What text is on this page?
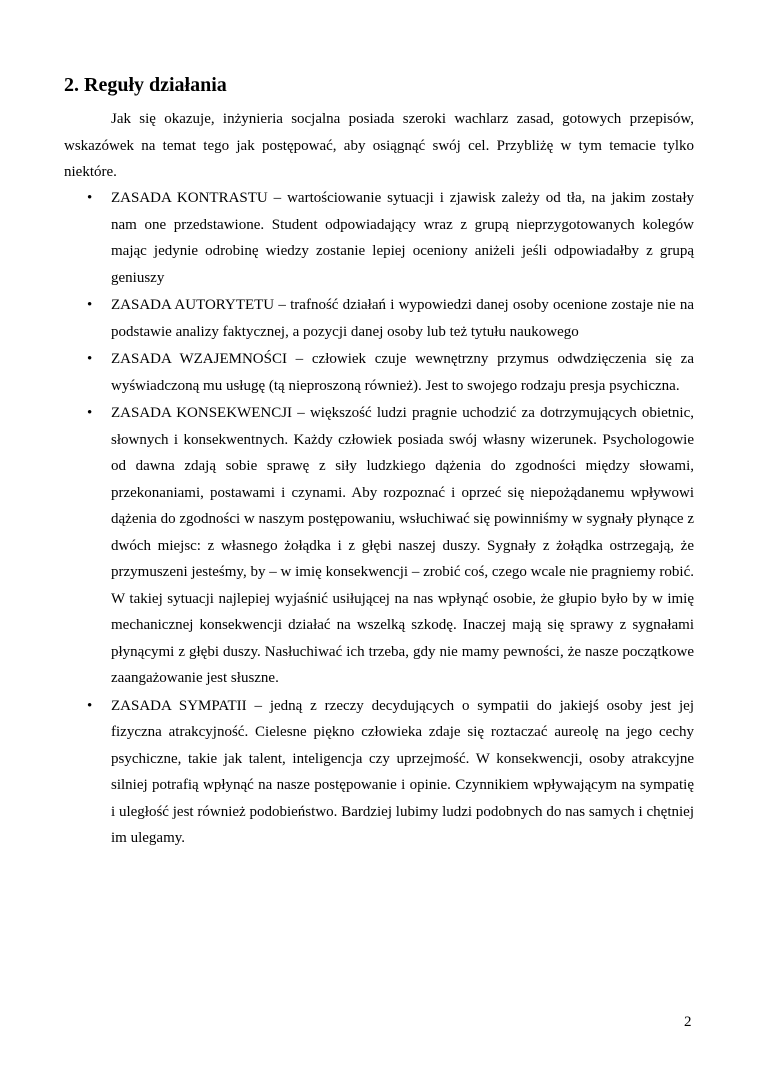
2. Reguły działania

Jak się okazuje, inżynieria socjalna posiada szeroki wachlarz zasad, gotowych przepisów, wskazówek na temat tego jak postępować, aby osiągnąć swój cel. Przybliżę w tym temacie tylko niektóre.

• ZASADA KONTRASTU – wartościowanie sytuacji i zjawisk zależy od tła, na jakim zostały nam one przedstawione. Student odpowiadający wraz z grupą nieprzygotowanych kolegów mając jedynie odrobinę wiedzy zostanie lepiej oceniony aniżeli jeśli odpowiadałby z grupą geniuszy
• ZASADA AUTORYTETU – trafność działań i wypowiedzi danej osoby ocenione zostaje nie na podstawie analizy faktycznej, a pozycji danej osoby lub też tytułu naukowego
• ZASADA WZAJEMNOŚCI – człowiek czuje wewnętrzny przymus odwdzięczenia się za wyświadczoną mu usługę (tą nieproszoną również). Jest to swojego rodzaju presja psychiczna.
• ZASADA KONSEKWENCJI – większość ludzi pragnie uchodzić za dotrzymujących obietnic, słownych i konsekwentnych. Każdy człowiek posiada swój własny wizerunek. Psychologowie od dawna zdają sobie sprawę z siły ludzkiego dążenia do zgodności między słowami, przekonaniami, postawami i czynami. Aby rozpoznać i oprzeć się niepożądanemu wpływowi dążenia do zgodności w naszym postępowaniu, wsłuchiwać się powinniśmy w sygnały płynące z dwóch miejsc: z własnego żołądka i z głębi naszej duszy. Sygnały z żołądka ostrzegają, że przymuszeni jesteśmy, by – w imię konsekwencji – zrobić coś, czego wcale nie pragniemy robić. W takiej sytuacji najlepiej wyjaśnić usiłującej na nas wpłynąć osobie, że głupio było by w imię mechanicznej konsekwencji działać na wszelką szkodę. Inaczej mają się sprawy z sygnałami płynącymi z głębi duszy. Nasłuchiwać ich trzeba, gdy nie mamy pewności, że nasze początkowe zaangażowanie jest słuszne.
• ZASADA SYMPATII – jedną z rzeczy decydujących o sympatii do jakiejś osoby jest jej fizyczna atrakcyjność. Cielesne piękno człowieka zdaje się roztaczać aureolę na jego cechy psychiczne, takie jak talent, inteligencja czy uprzejmość. W konsekwencji, osoby atrakcyjne silniej potrafią wpłynąć na nasze postępowanie i opinie. Czynnikiem wpływającym na sympatię i uległość jest również podobieństwo. Bardziej lubimy ludzi podobnych do nas samych i chętniej im ulegamy.
2
